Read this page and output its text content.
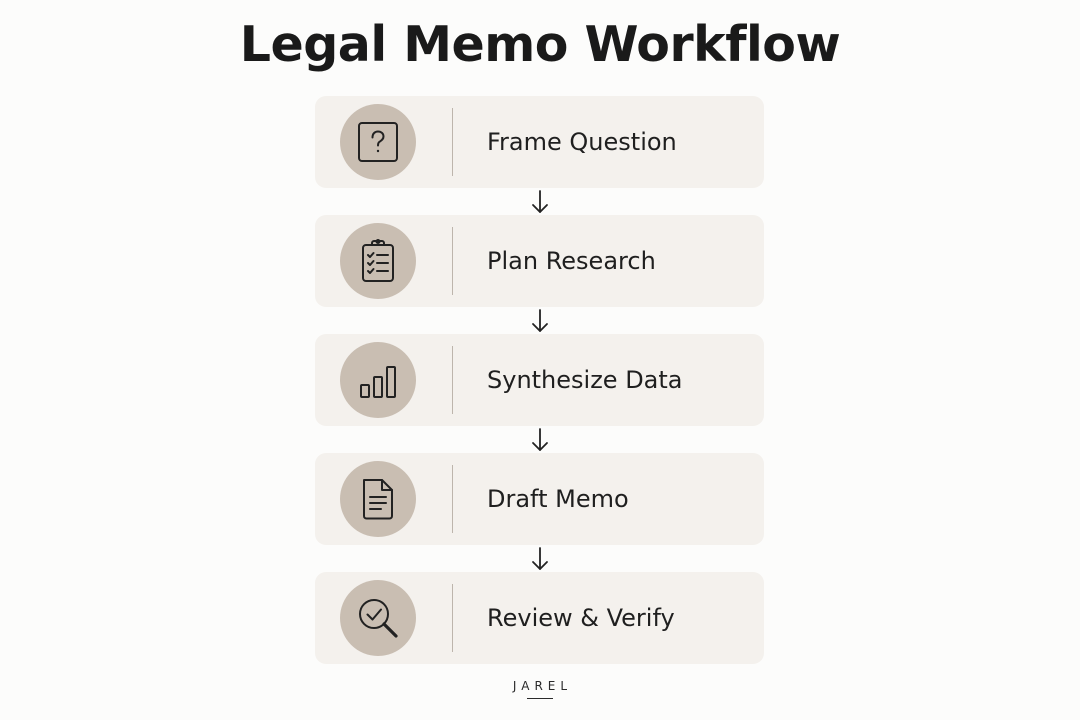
Legal Memo Workflow
Frame Question
Plan Research
Synthesize Data
Draft Memo
Review & Verify
JAREL
